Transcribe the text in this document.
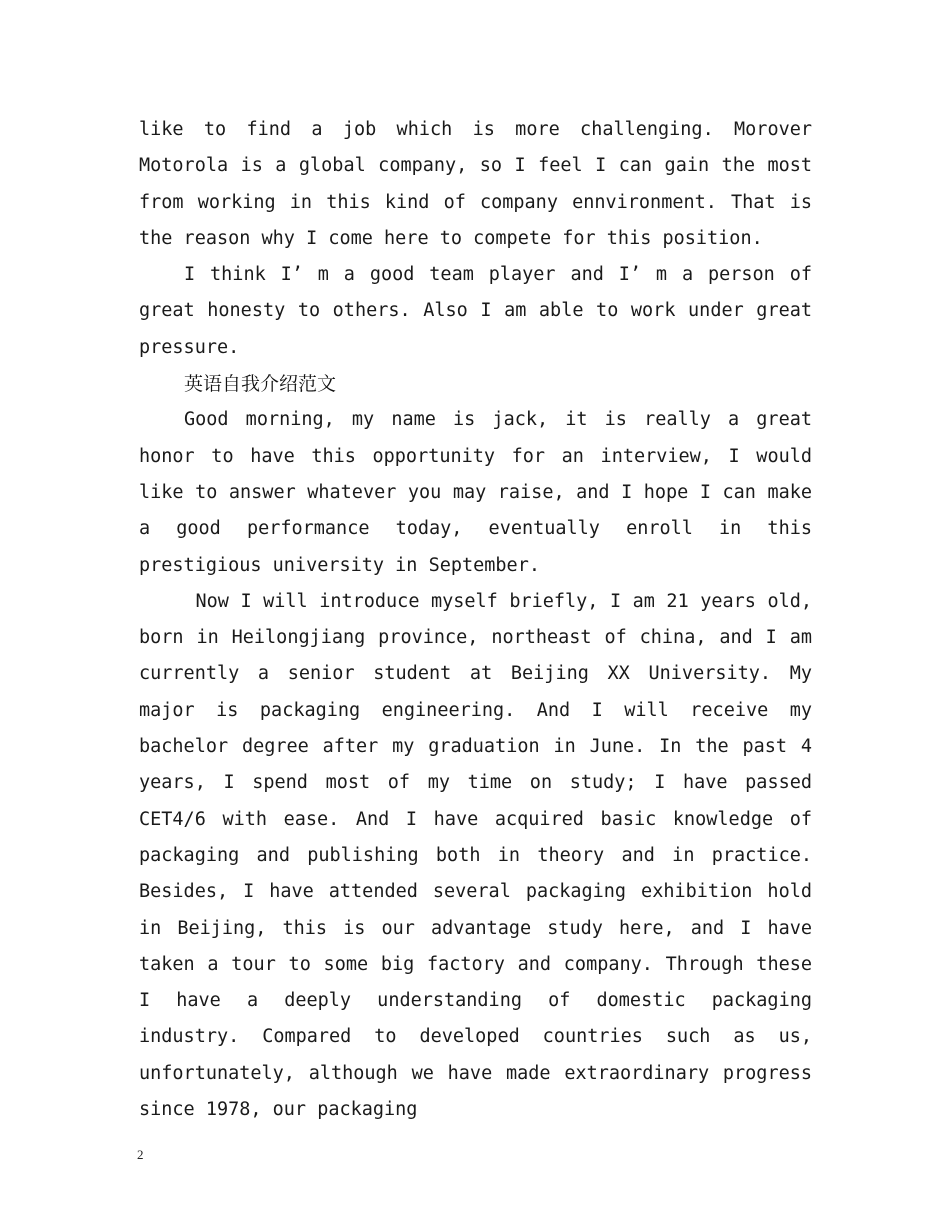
like to find a job which is more challenging. Morover Motorola is a global company, so I feel I can gain the most from working in this kind of company ennvironment. That is the reason why I come here to compete for this position.

I think I’ m a good team player and I’ m a person of great honesty to others. Also I am able to work under great pressure.

英语自我介绍范文

Good morning, my name is jack, it is really a great honor to have this opportunity for an interview, I would like to answer whatever you may raise, and I hope I can make a good performance today, eventually enroll in this prestigious university in September.

Now I will introduce myself briefly, I am 21 years old, born in Heilongjiang province, northeast of china, and I am currently a senior student at Beijing XX University. My major is packaging engineering. And I will receive my bachelor degree after my graduation in June. In the past 4 years, I spend most of my time on study; I have passed CET4/6 with ease. And I have acquired basic knowledge of packaging and publishing both in theory and in practice. Besides, I have attended several packaging exhibition hold in Beijing, this is our advantage study here, and I have taken a tour to some big factory and company. Through these I have a deeply understanding of domestic packaging industry. Compared to developed countries such as us, unfortunately, although we have made extraordinary progress since 1978, our packaging

2
